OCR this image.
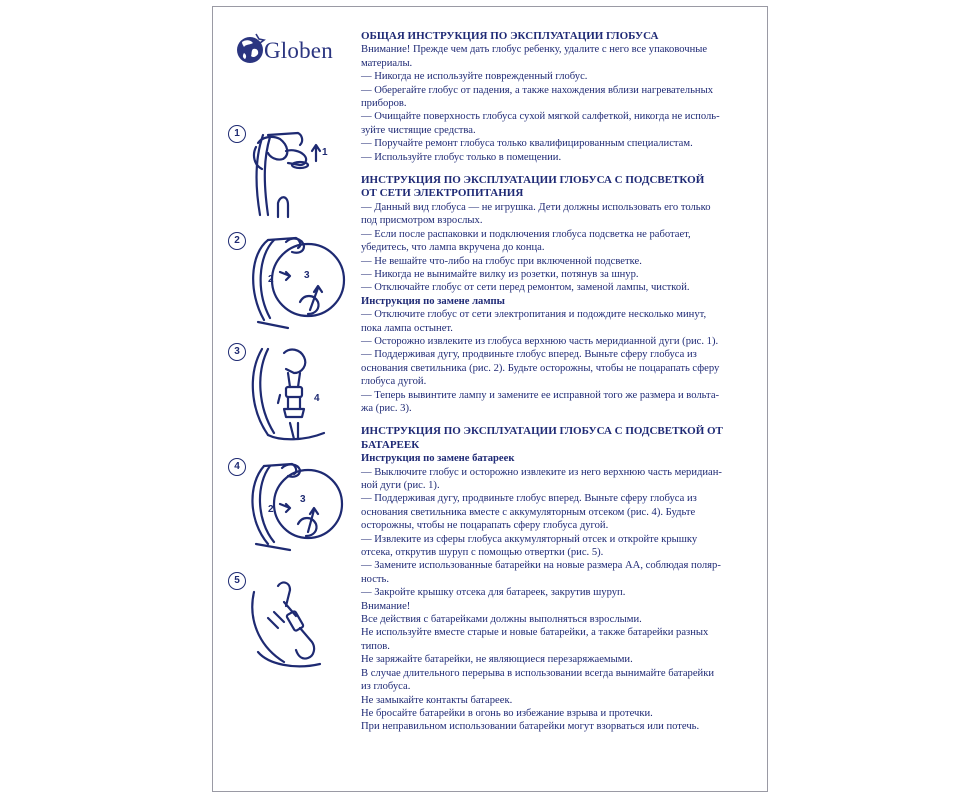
Globen
1
1
2
2	3
3
4
4
2
3
5

ОБЩАЯ ИНСТРУКЦИЯ ПО ЭКСПЛУАТАЦИИ ГЛОБУСА

Внимание! Прежде чем дать глобус ребенку, удалите с него все упаковочные

материалы.

— Никогда не используйте поврежденный глобус.

— Оберегайте глобус от падения, а также нахождения вблизи нагревательных

приборов.

— Очищайте поверхность глобуса сухой мягкой салфеткой, никогда не исполь-

зуйте чистящие средства.

— Поручайте ремонт глобуса только квалифицированным специалистам.

— Используйте глобус только в помещении.

ИНСТРУКЦИЯ ПО ЭКСПЛУАТАЦИИ ГЛОБУСА С ПОДСВЕТКОЙ

ОТ СЕТИ ЭЛЕКТРОПИТАНИЯ

— Данный вид глобуса — не игрушка. Дети должны использовать его только

под присмотром взрослых.

— Если после распаковки и подключения глобуса подсветка не работает,

убедитесь, что лампа вкручена до конца.

— Не вешайте что-либо на глобус при включенной подсветке.

— Никогда не вынимайте вилку из розетки, потянув за шнур.

— Отключайте глобус от сети перед ремонтом, заменой лампы, чисткой.

Инструкция по замене лампы

— Отключите глобус от сети электропитания и подождите несколько минут,

пока лампа остынет.

— Осторожно извлеките из глобуса верхнюю часть меридианной дуги (рис. 1).

— Поддерживая дугу, продвиньте глобус вперед. Выньте сферу глобуса из

основания светильника (рис. 2). Будьте осторожны, чтобы не поцарапать сферу

глобуса дугой.

— Теперь вывинтите лампу и замените ее исправной того же размера и вольта-

жа (рис. 3).

ИНСТРУКЦИЯ ПО ЭКСПЛУАТАЦИИ ГЛОБУСА С ПОДСВЕТКОЙ ОТ

БАТАРЕЕК

Инструкция по замене батареек

— Выключите глобус и осторожно извлеките из него верхнюю часть меридиан-

ной дуги (рис. 1).

— Поддерживая дугу, продвиньте глобус вперед. Выньте сферу глобуса из

основания светильника вместе с аккумуляторным отсеком (рис. 4). Будьте

осторожны, чтобы не поцарапать сферу глобуса дугой.

— Извлеките из сферы глобуса аккумуляторный отсек и откройте крышку

отсека, открутив шуруп с помощью отвертки (рис. 5).

— Замените использованные батарейки на новые размера АА, соблюдая поляр-

ность.

— Закройте крышку отсека для батареек, закрутив шуруп.

Внимание!

Все действия с батарейками должны выполняться взрослыми.

Не используйте вместе старые и новые батарейки, а также батарейки разных

типов.

Не заряжайте батарейки, не являющиеся перезаряжаемыми.

В случае длительного перерыва в использовании всегда вынимайте батарейки

из глобуса.

Не замыкайте контакты батареек.

Не бросайте батарейки в огонь во избежание взрыва и протечки.

При неправильном использовании батарейки могут взорваться или потечь.
